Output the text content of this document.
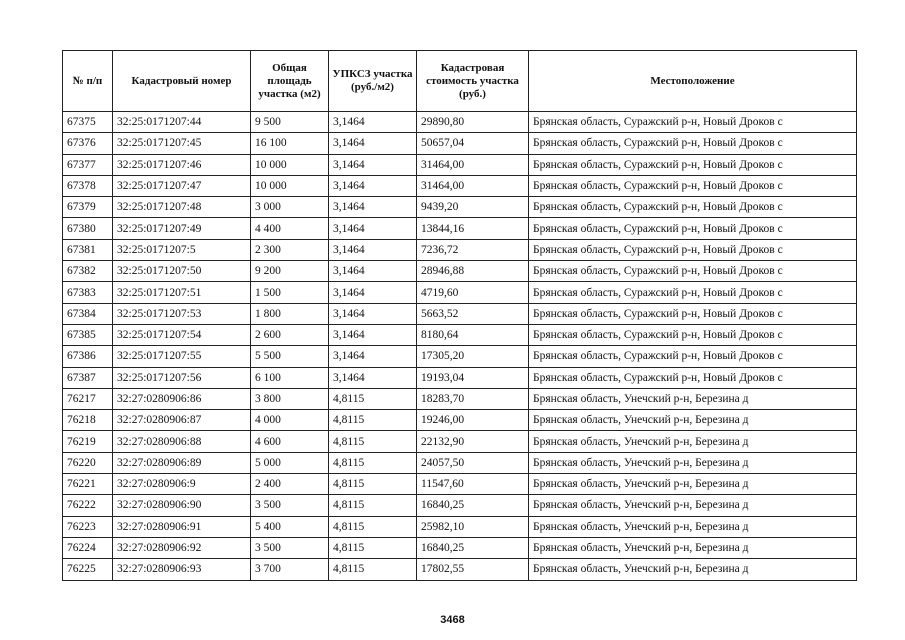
№ п/п	Кадастровый номер	Общая площадь участка (м2)	УПКСЗ участка (руб./м2)	Кадастровая стоимость участка (руб.)	Местоположение
67375	32:25:0171207:44	9 500	3,1464	29890,80	Брянская область, Суражский р-н, Новый Дроков с
67376	32:25:0171207:45	16 100	3,1464	50657,04	Брянская область, Суражский р-н, Новый Дроков с
67377	32:25:0171207:46	10 000	3,1464	31464,00	Брянская область, Суражский р-н, Новый Дроков с
67378	32:25:0171207:47	10 000	3,1464	31464,00	Брянская область, Суражский р-н, Новый Дроков с
67379	32:25:0171207:48	3 000	3,1464	9439,20	Брянская область, Суражский р-н, Новый Дроков с
67380	32:25:0171207:49	4 400	3,1464	13844,16	Брянская область, Суражский р-н, Новый Дроков с
67381	32:25:0171207:5	2 300	3,1464	7236,72	Брянская область, Суражский р-н, Новый Дроков с
67382	32:25:0171207:50	9 200	3,1464	28946,88	Брянская область, Суражский р-н, Новый Дроков с
67383	32:25:0171207:51	1 500	3,1464	4719,60	Брянская область, Суражский р-н, Новый Дроков с
67384	32:25:0171207:53	1 800	3,1464	5663,52	Брянская область, Суражский р-н, Новый Дроков с
67385	32:25:0171207:54	2 600	3,1464	8180,64	Брянская область, Суражский р-н, Новый Дроков с
67386	32:25:0171207:55	5 500	3,1464	17305,20	Брянская область, Суражский р-н, Новый Дроков с
67387	32:25:0171207:56	6 100	3,1464	19193,04	Брянская область, Суражский р-н, Новый Дроков с
76217	32:27:0280906:86	3 800	4,8115	18283,70	Брянская область, Унечский р-н, Березина д
76218	32:27:0280906:87	4 000	4,8115	19246,00	Брянская область, Унечский р-н, Березина д
76219	32:27:0280906:88	4 600	4,8115	22132,90	Брянская область, Унечский р-н, Березина д
76220	32:27:0280906:89	5 000	4,8115	24057,50	Брянская область, Унечский р-н, Березина д
76221	32:27:0280906:9	2 400	4,8115	11547,60	Брянская область, Унечский р-н, Березина д
76222	32:27:0280906:90	3 500	4,8115	16840,25	Брянская область, Унечский р-н, Березина д
76223	32:27:0280906:91	5 400	4,8115	25982,10	Брянская область, Унечский р-н, Березина д
76224	32:27:0280906:92	3 500	4,8115	16840,25	Брянская область, Унечский р-н, Березина д
76225	32:27:0280906:93	3 700	4,8115	17802,55	Брянская область, Унечский р-н, Березина д
3468
